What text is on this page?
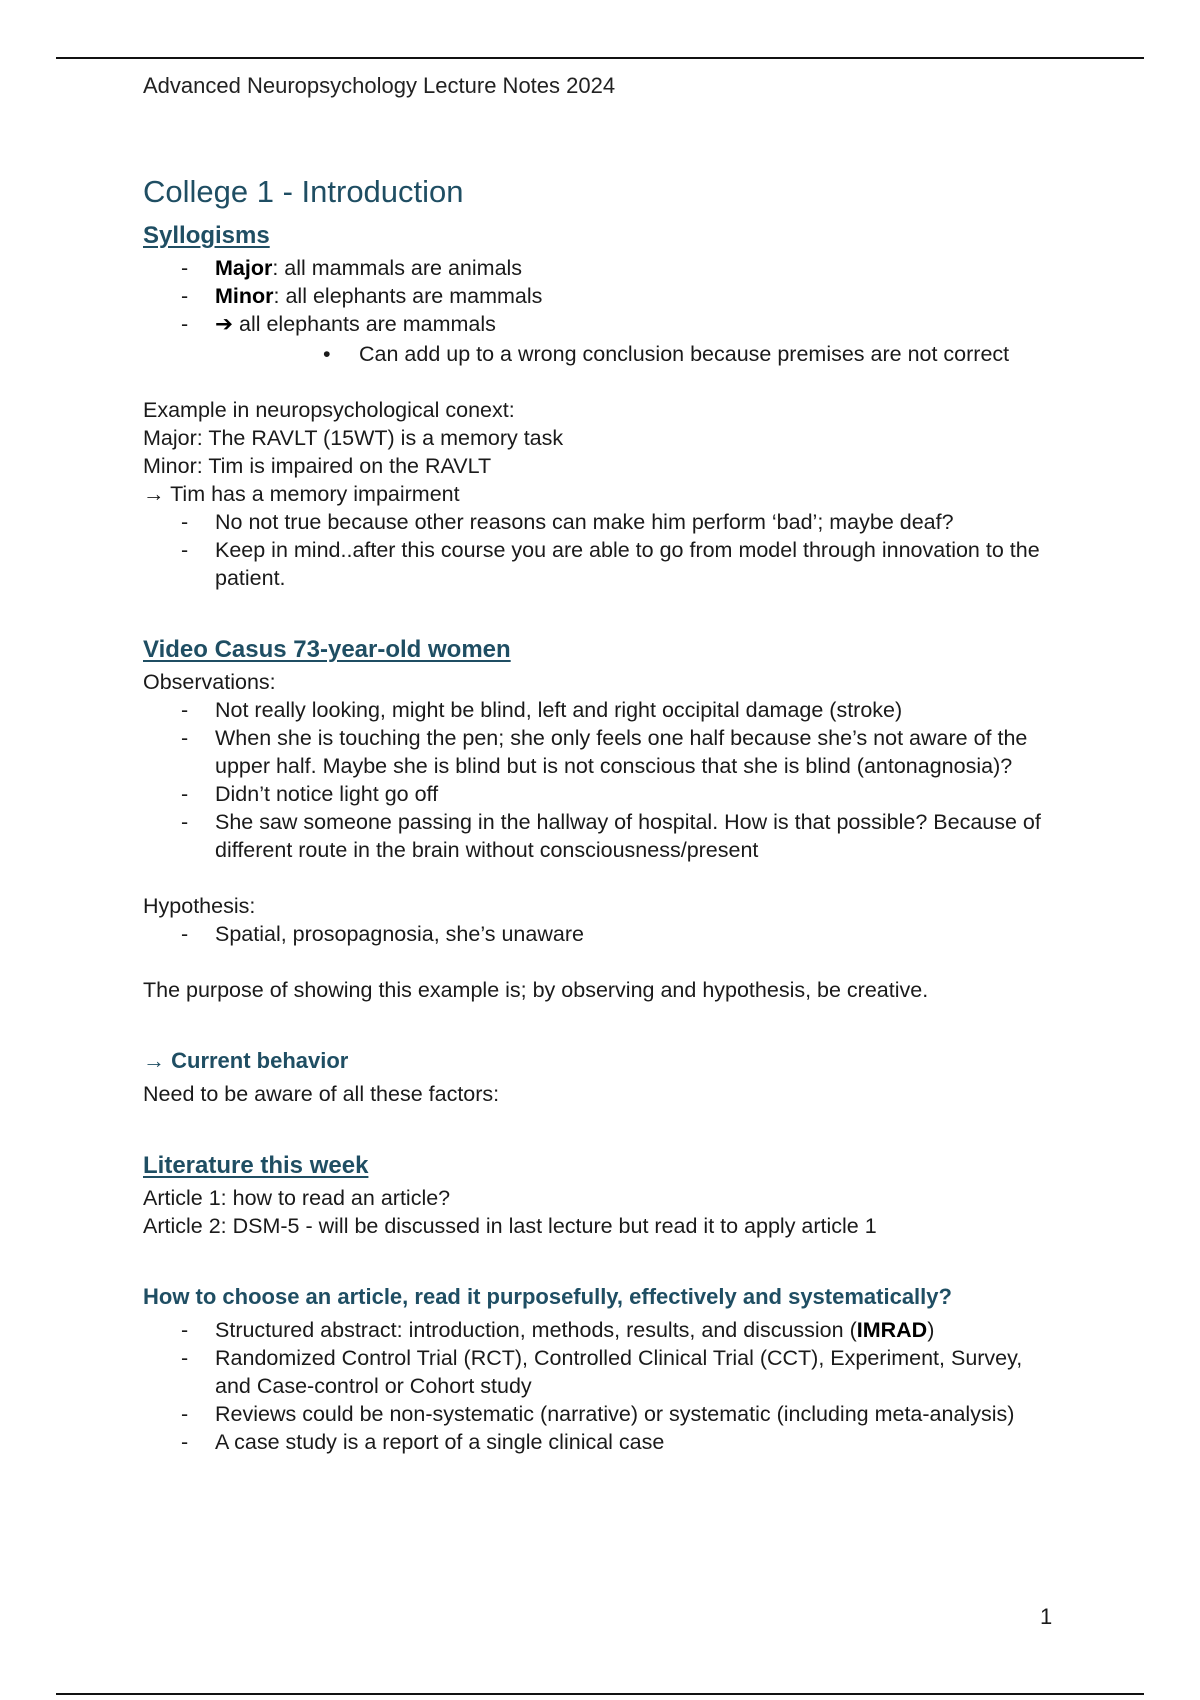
Advanced Neuropsychology Lecture Notes 2024
College 1 - Introduction
Syllogisms
- Major: all mammals are animals
- Minor: all elephants are mammals
- ➔ all elephants are mammals
• Can add up to a wrong conclusion because premises are not correct

Example in neuropsychological conext:

Major: The RAVLT (15WT) is a memory task

Minor: Tim is impaired on the RAVLT

→ Tim has a memory impairment

- No not true because other reasons can make him perform ‘bad’; maybe deaf?
- Keep in mind..after this course you are able to go from model through innovation to the patient.
Video Casus 73-year-old women

Observations:

- Not really looking, might be blind, left and right occipital damage (stroke)
- When she is touching the pen; she only feels one half because she’s not aware of the upper half. Maybe she is blind but is not conscious that she is blind (antonagnosia)?
- Didn’t notice light go off
- She saw someone passing in the hallway of hospital. How is that possible? Because of different route in the brain without consciousness/present

Hypothesis:

- Spatial, prosopagnosia, she’s unaware

The purpose of showing this example is; by observing and hypothesis, be creative.

→ Current behavior

Need to be aware of all these factors:

Literature this week

Article 1: how to read an article?

Article 2: DSM-5 - will be discussed in last lecture but read it to apply article 1

How to choose an article, read it purposefully, effectively and systematically?
- Structured abstract: introduction, methods, results, and discussion (IMRAD)
- Randomized Control Trial (RCT), Controlled Clinical Trial (CCT), Experiment, Survey, and Case-control or Cohort study
- Reviews could be non-systematic (narrative) or systematic (including meta-analysis)
- A case study is a report of a single clinical case
1
